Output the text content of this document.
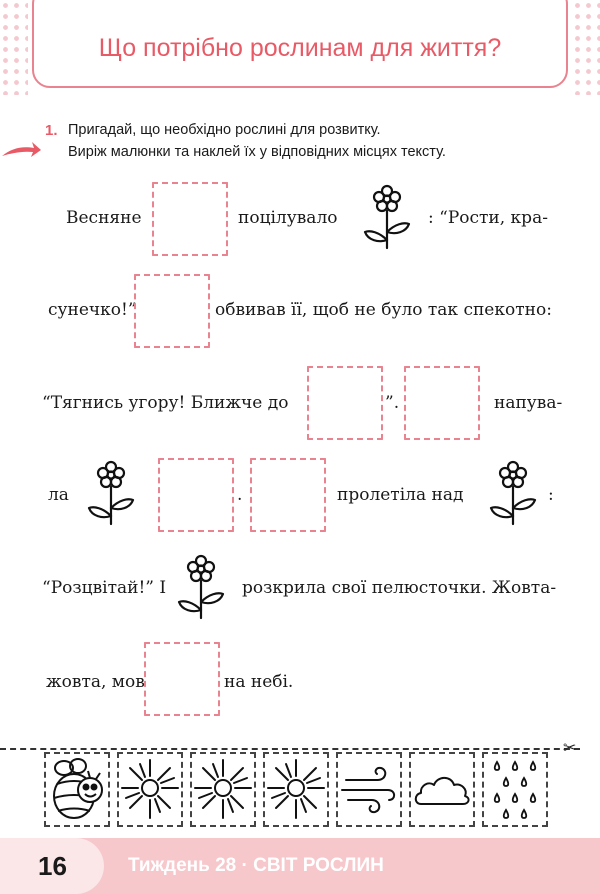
Що потрібно рослинам для життя?
1. Пригадай, що необхідно рослині для розвитку.
Виріж малюнки та наклей їх у відповідних місцях тексту.
Весняне	поцілувало	: “Рости, кра-
сунечко!”	обвивав її, щоб не було так спекотно:
“Тягнись угору! Ближче до	”.	напува-
ла	.	пролетіла над	:
“Розцвітай!” І	розкрила свої пелюсточки. Жовта-
жовта, мов	на небі.
✂
16	Тиждень 28 · СВІТ РОСЛИН
